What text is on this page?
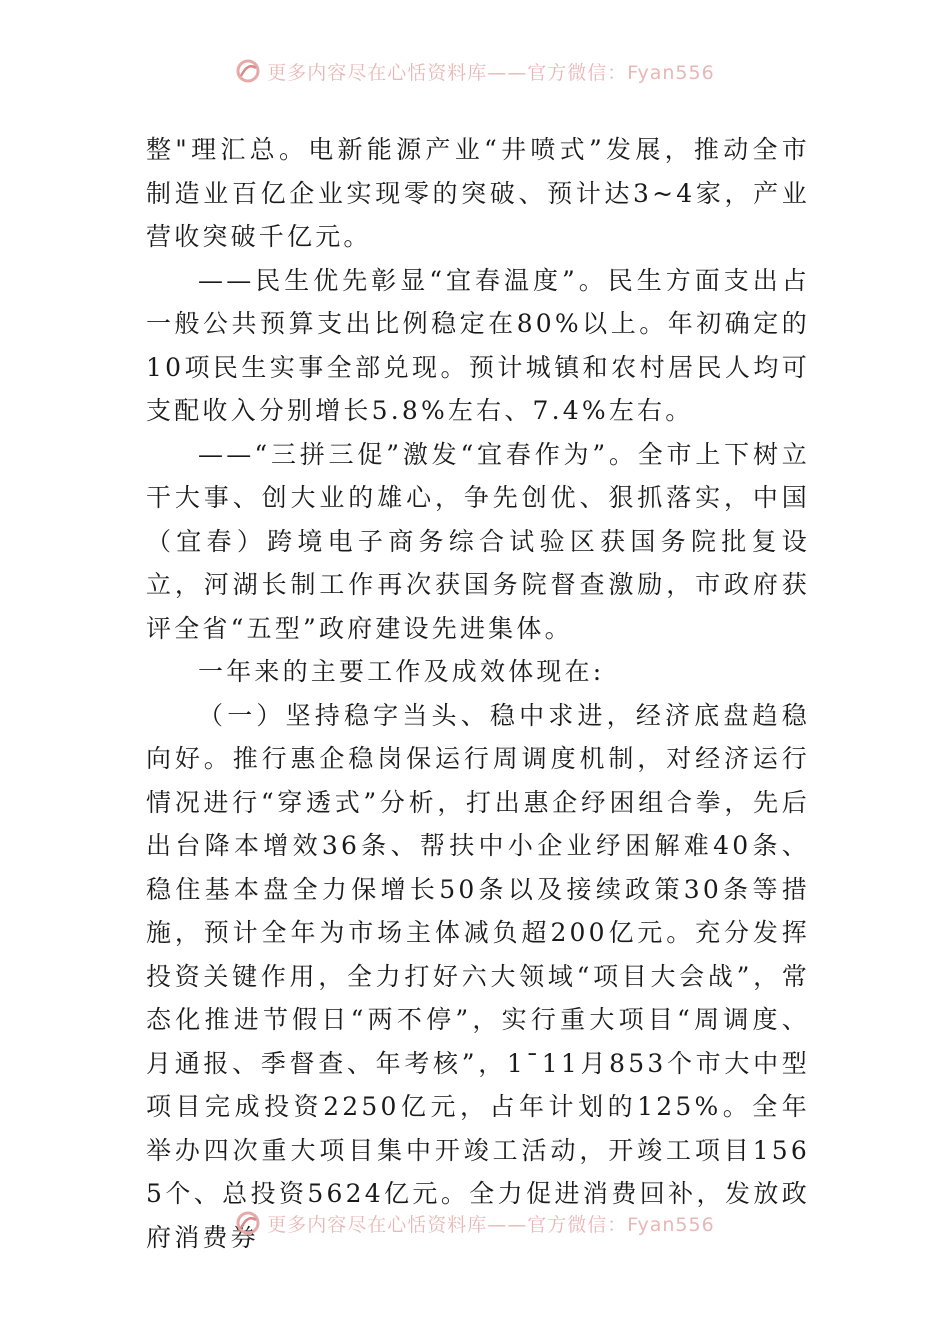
更多内容尽在心恬资料库——官方微信：Fyan556

整"理汇总。电新能源产业“井喷式”发展，推动全市制造业百亿企业实现零的突破、预计达3~4家，产业营收突破千亿元。

——民生优先彰显“宜春温度”。民生方面支出占一般公共预算支出比例稳定在80%以上。年初确定的10项民生实事全部兑现。预计城镇和农村居民人均可支配收入分别增长5.8%左右、7.4%左右。

——“三拼三促”激发“宜春作为”。全市上下树立干大事、创大业的雄心，争先创优、狠抓落实，中国（宜春）跨境电子商务综合试验区获国务院批复设立，河湖长制工作再次获国务院督查激励，市政府获评全省“五型”政府建设先进集体。

一年来的主要工作及成效体现在:

（一）坚持稳字当头、稳中求进，经济底盘趋稳向好。推行惠企稳岗保运行周调度机制，对经济运行情况进行“穿透式”分析，打出惠企纾困组合拳，先后出台降本增效36条、帮扶中小企业纾困解难40条、稳住基本盘全力保增长50条以及接续政策30条等措施，预计全年为市场主体减负超200亿元。充分发挥投资关键作用，全力打好六大领域“项目大会战”，常态化推进节假日“两不停”，实行重大项目“周调度、月通报、季督查、年考核”，1¯11月853个市大中型项目完成投资2250亿元，占年计划的125%。全年举办四次重大项目集中开竣工活动，开竣工项目1565个、总投资5624亿元。全力促进消费回补，发放政府消费券 更多内容尽在心恬资料库——官方微信：Fyan556
